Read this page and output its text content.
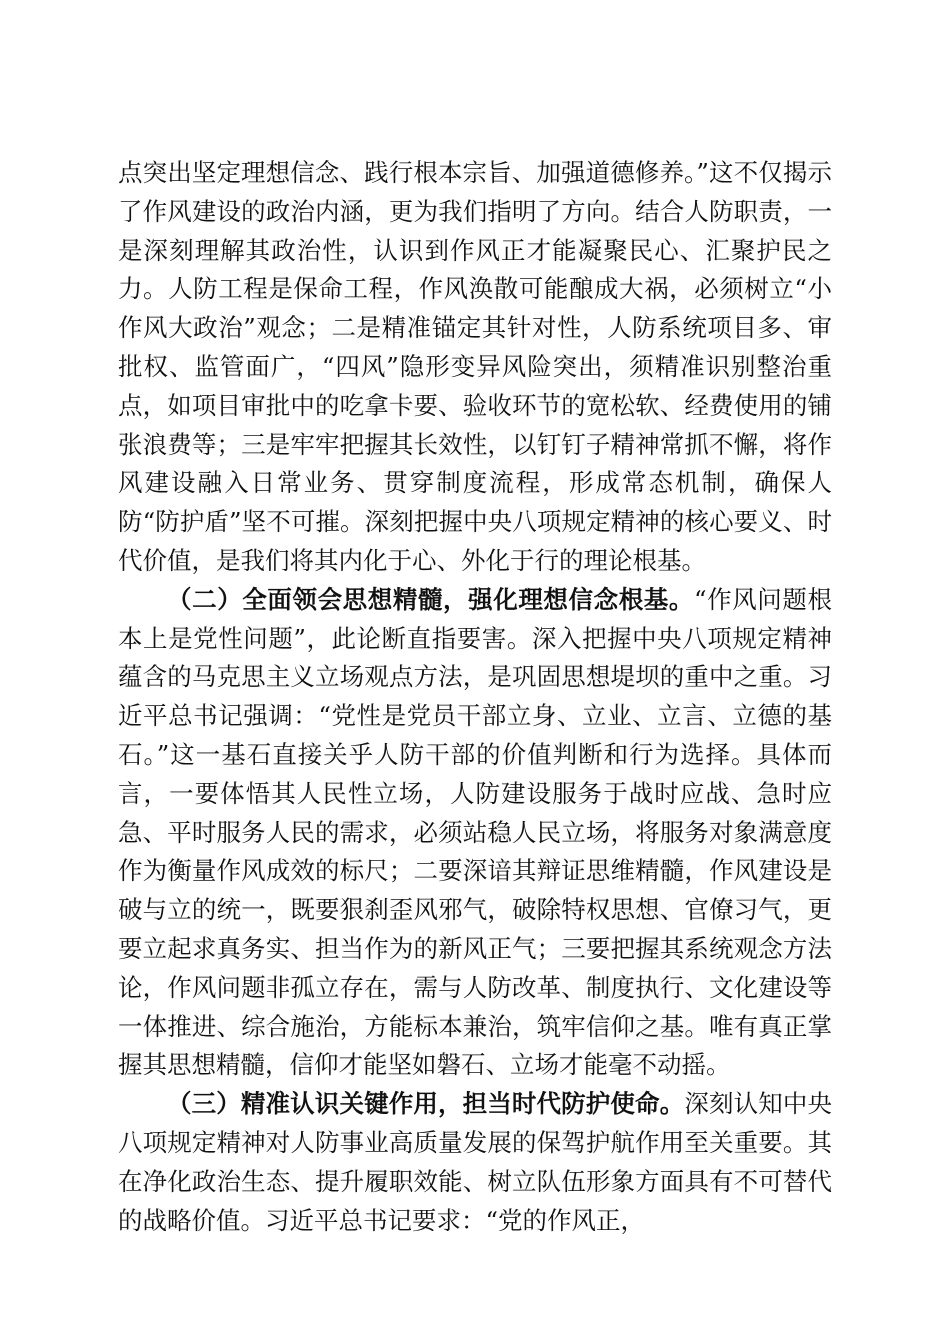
点突出坚定理想信念、践行根本宗旨、加强道德修养。”这不仅揭示了作风建设的政治内涵，更为我们指明了方向。结合人防职责，一是深刻理解其政治性，认识到作风正才能凝聚民心、汇聚护民之力。人防工程是保命工程，作风涣散可能酿成大祸，必须树立“小作风大政治”观念；二是精准锚定其针对性，人防系统项目多、审批权、监管面广，“四风”隐形变异风险突出，须精准识别整治重点，如项目审批中的吃拿卡要、验收环节的宽松软、经费使用的铺张浪费等；三是牢牢把握其长效性，以钉钉子精神常抓不懈，将作风建设融入日常业务、贯穿制度流程，形成常态机制，确保人防“防护盾”坚不可摧。深刻把握中央八项规定精神的核心要义、时代价值，是我们将其内化于心、外化于行的理论根基。

（二）全面领会思想精髓，强化理想信念根基。“作风问题根本上是党性问题”，此论断直指要害。深入把握中央八项规定精神蕴含的马克思主义立场观点方法，是巩固思想堤坝的重中之重。习近平总书记强调：“党性是党员干部立身、立业、立言、立德的基石。”这一基石直接关乎人防干部的价值判断和行为选择。具体而言，一要体悟其人民性立场，人防建设服务于战时应战、急时应急、平时服务人民的需求，必须站稳人民立场，将服务对象满意度作为衡量作风成效的标尺；二要深谙其辩证思维精髓，作风建设是破与立的统一，既要狠刹歪风邪气，破除特权思想、官僚习气，更要立起求真务实、担当作为的新风正气；三要把握其系统观念方法论，作风问题非孤立存在，需与人防改革、制度执行、文化建设等一体推进、综合施治，方能标本兼治，筑牢信仰之基。唯有真正掌握其思想精髓，信仰才能坚如磐石、立场才能毫不动摇。

（三）精准认识关键作用，担当时代防护使命。深刻认知中央八项规定精神对人防事业高质量发展的保驾护航作用至关重要。其在净化政治生态、提升履职效能、树立队伍形象方面具有不可替代的战略价值。习近平总书记要求：“党的作风正，
